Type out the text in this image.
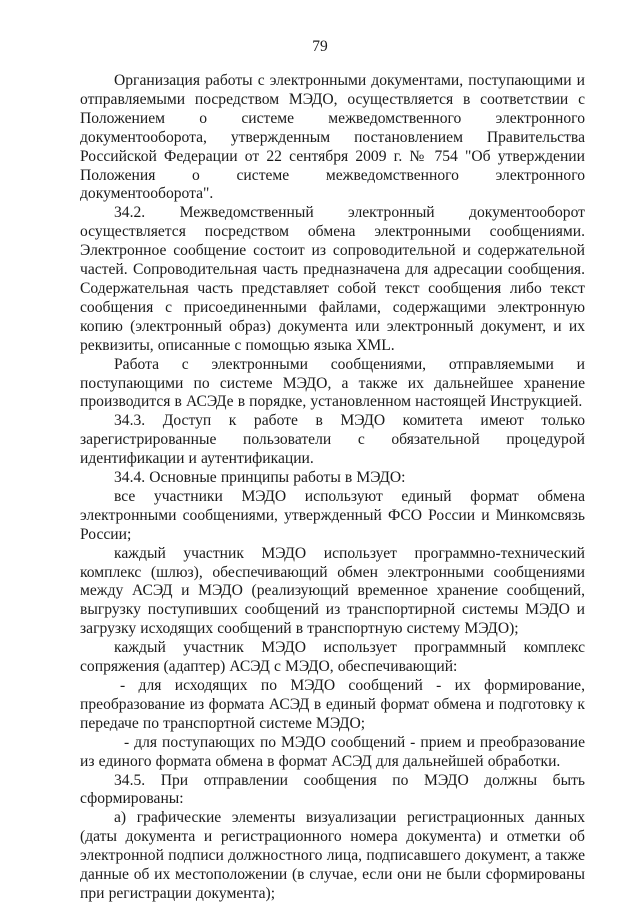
79

Организация работы с электронными документами, поступающими и отправляемыми посредством МЭДО, осуществляется в соответствии с Положением о системе межведомственного электронного документооборота, утвержденным постановлением Правительства Российской Федерации от 22 сентября 2009 г. № 754 "Об утверждении Положения о системе межведомственного электронного документооборота".

34.2. Межведомственный электронный документооборот осуществляется посредством обмена электронными сообщениями. Электронное сообщение состоит из сопроводительной и содержательной частей. Сопроводительная часть предназначена для адресации сообщения. Содержательная часть представляет собой текст сообщения либо текст сообщения с присоединенными файлами, содержащими электронную копию (электронный образ) документа или электронный документ, и их реквизиты, описанные с помощью языка XML.

Работа с электронными сообщениями, отправляемыми и поступающими по системе МЭДО, а также их дальнейшее хранение производится в АСЭДе в порядке, установленном настоящей Инструкцией.

34.3. Доступ к работе в МЭДО комитета имеют только зарегистрированные пользователи с обязательной процедурой идентификации и аутентификации.

34.4. Основные принципы работы в МЭДО:

все участники МЭДО используют единый формат обмена электронными сообщениями, утвержденный ФСО России и Минкомсвязь России;

каждый участник МЭДО использует программно-технический комплекс (шлюз), обеспечивающий обмен электронными сообщениями между АСЭД и МЭДО (реализующий временное хранение сообщений, выгрузку поступивших сообщений из транспортирной системы МЭДО и загрузку исходящих сообщений в транспортную систему МЭДО);

каждый участник МЭДО использует программный комплекс сопряжения (адаптер) АСЭД с МЭДО, обеспечивающий:

- для исходящих по МЭДО сообщений - их формирование, преобразование из формата АСЭД в единый формат обмена и подготовку к передаче по транспортной системе МЭДО;

- для поступающих по МЭДО сообщений - прием и преобразование из единого формата обмена в формат АСЭД для дальнейшей обработки.

34.5. При отправлении сообщения по МЭДО должны быть сформированы:

а) графические элементы визуализации регистрационных данных (даты документа и регистрационного номера документа) и отметки об электронной подписи должностного лица, подписавшего документ, а также данные об их местоположении (в случае, если они не были сформированы при регистрации документа);
